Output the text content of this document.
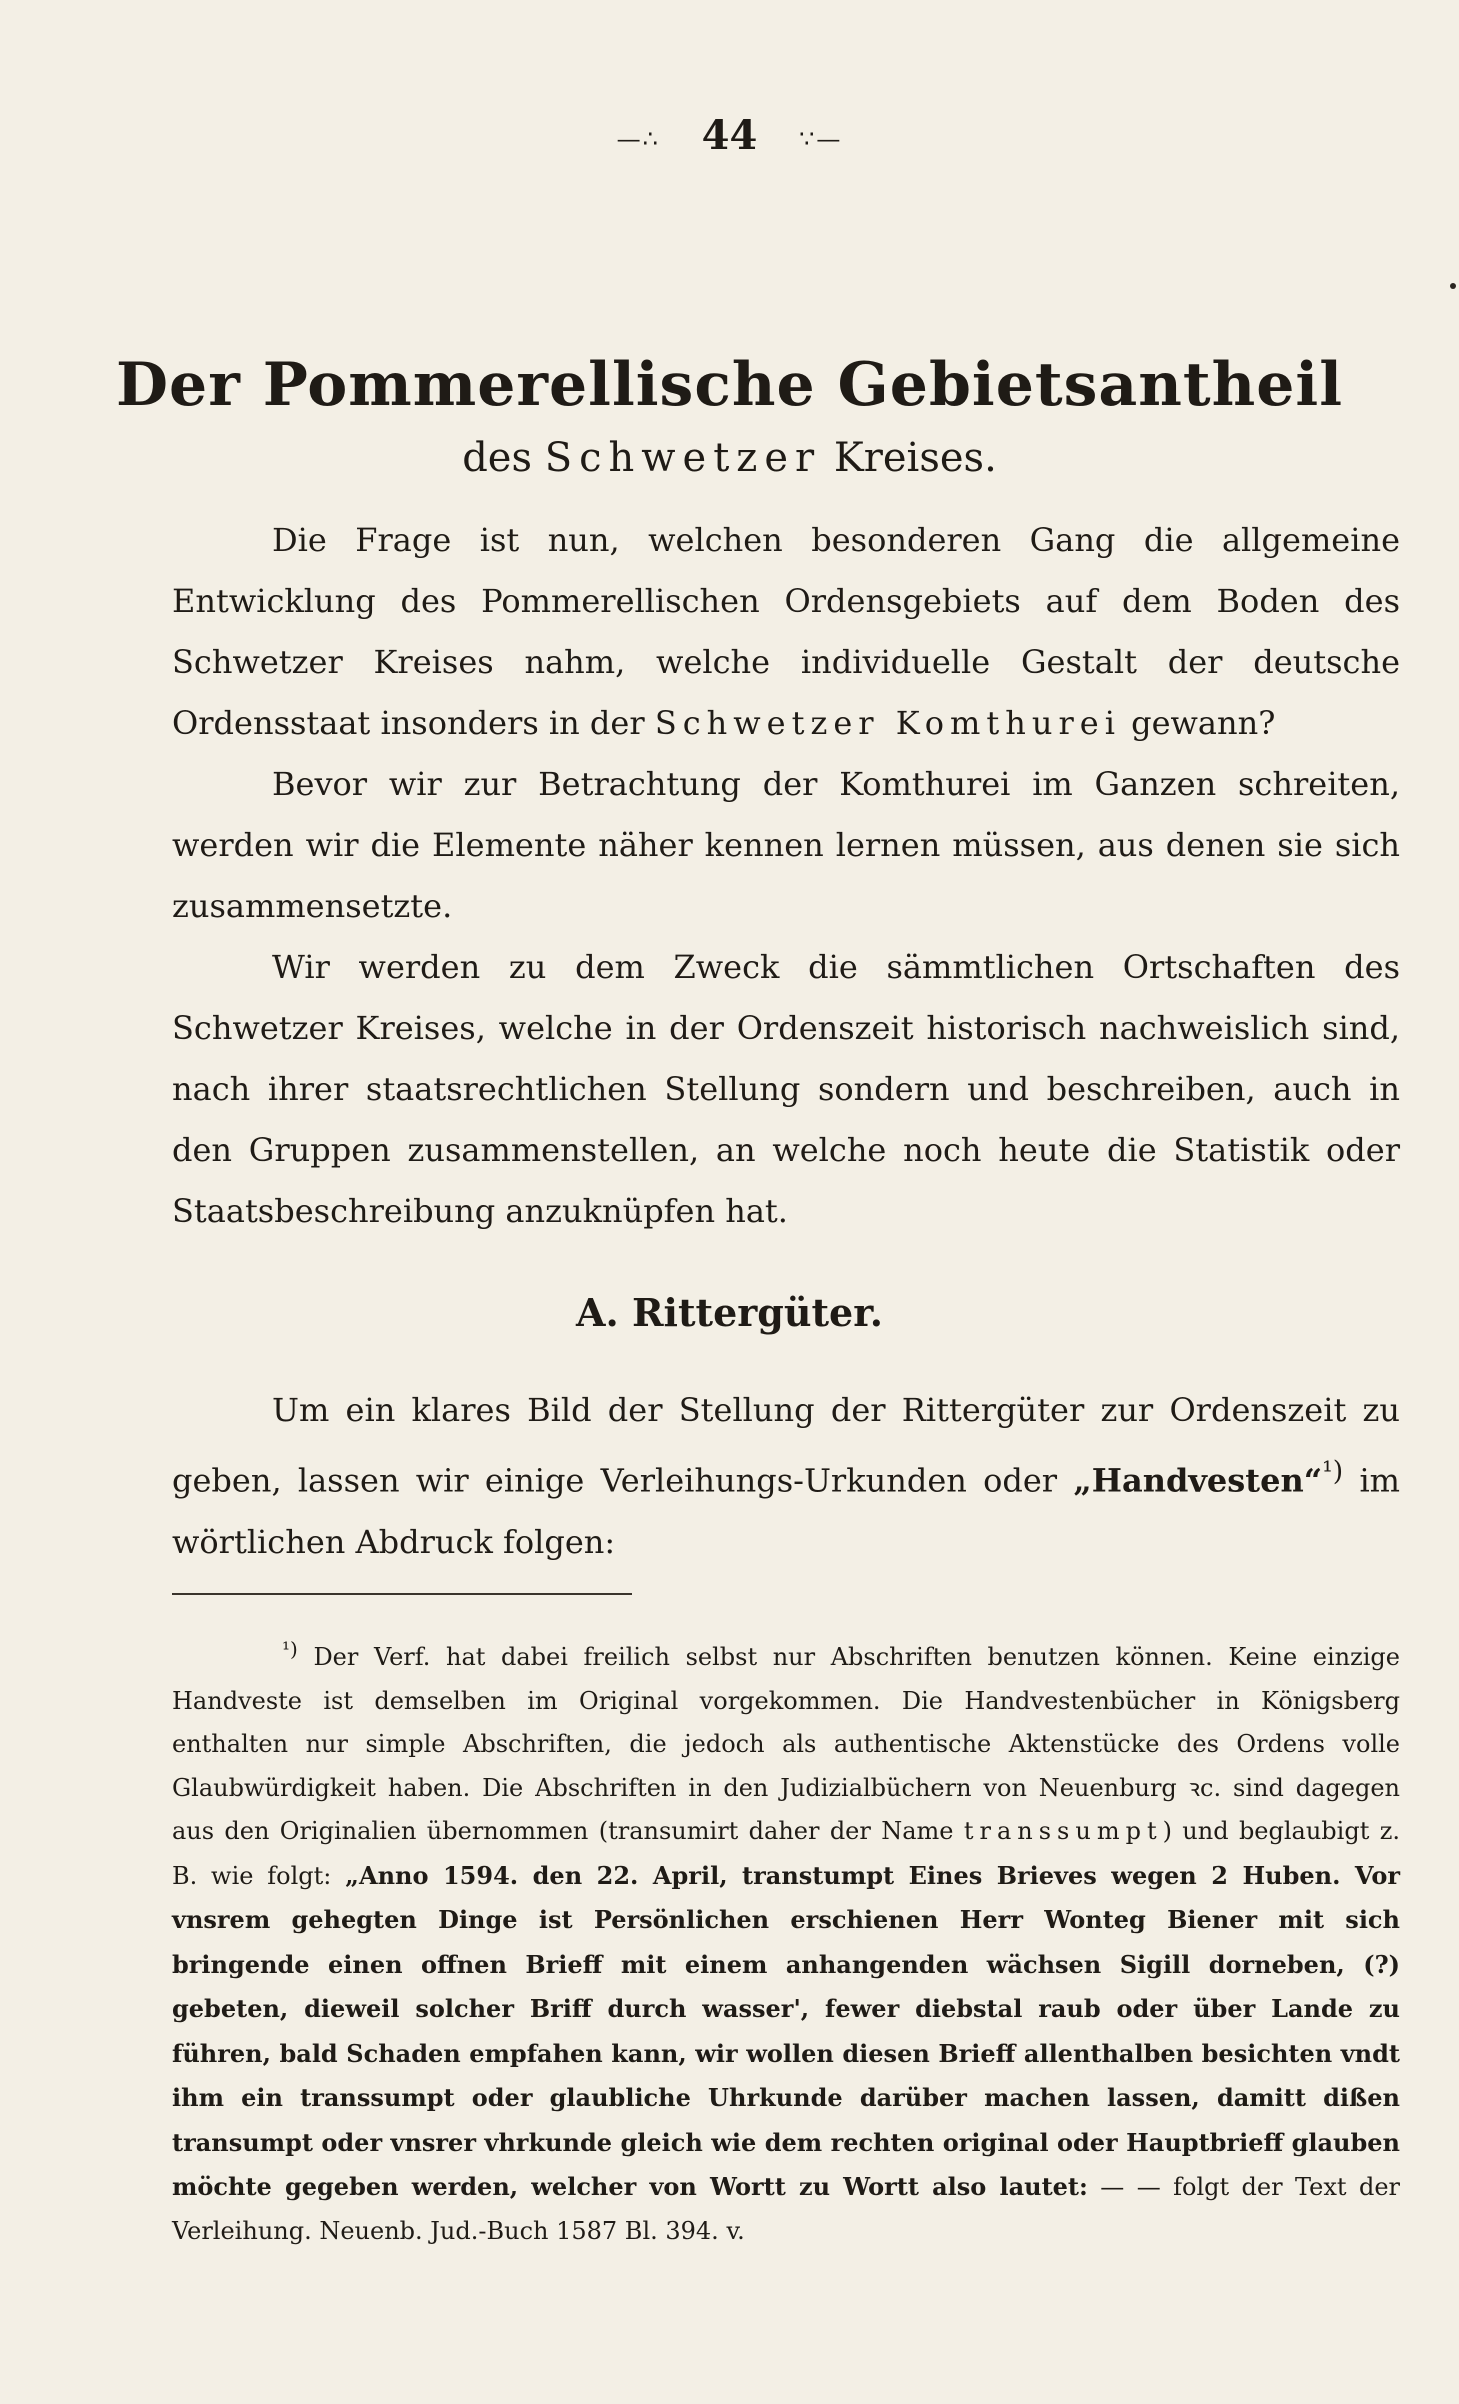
—∴ 44 ∵—
Der Pommerellische Gebietsantheil
des Schwetzer Kreises.

Die Frage ist nun, welchen besonderen Gang die allgemeine Entwicklung des Pommerellischen Ordensgebiets auf dem Boden des Schwetzer Kreises nahm, welche individuelle Gestalt der deutsche Ordensstaat insonders in der Schwetzer Komthurei gewann?

Bevor wir zur Betrachtung der Komthurei im Ganzen schreiten, werden wir die Elemente näher kennen lernen müssen, aus denen sie sich zusammensetzte.

Wir werden zu dem Zweck die sämmtlichen Ortschaften des Schwetzer Kreises, welche in der Ordenszeit historisch nachweislich sind, nach ihrer staatsrechtlichen Stellung sondern und beschreiben, auch in den Gruppen zusammenstellen, an welche noch heute die Statistik oder Staatsbeschreibung anzuknüpfen hat.

A. Rittergüter.

Um ein klares Bild der Stellung der Rittergüter zur Ordenszeit zu geben, lassen wir einige Verleihungs-Urkunden oder „Handvesten“$^{^1)}$ im wörtlichen Abdruck folgen:

$^{^1)}$ Der Verf. hat dabei freilich selbst nur Abschriften benutzen können. Keine einzige Handveste ist demselben im Original vorgekommen. Die Handvestenbücher in Königsberg enthalten nur simple Abschriften, die jedoch als authentische Aktenstücke des Ordens volle Glaubwürdigkeit haben. Die Abschriften in den Judizialbüchern von Neuenburg ꝛc. sind dagegen aus den Originalien übernommen (transumirt daher der Name transsumpt) und beglaubigt z. B. wie folgt: „Anno 1594. den 22. April, transtumpt Eines Brieves wegen 2 Huben. Vor vnsrem gehegten Dinge ist Persönlichen erschienen Herr Wonteg Biener mit sich bringende einen offnen Brieff mit einem anhangenden wächsen Sigill dorneben, (?) gebeten, dieweil solcher Briff durch wasser', fewer diebstal raub oder über Lande zu führen, bald Schaden empfahen kann, wir wollen diesen Brieff allenthalben besichten vndt ihm ein transsumpt oder glaubliche Uhrkunde darüber machen lassen, damitt dißen transumpt oder vnsrer vhrkunde gleich wie dem rechten original oder Hauptbrieff glauben möchte gegeben werden, welcher von Wortt zu Wortt also lautet: — — folgt der Text der Verleihung. Neuenb. Jud.-Buch 1587 Bl. 394. v.
